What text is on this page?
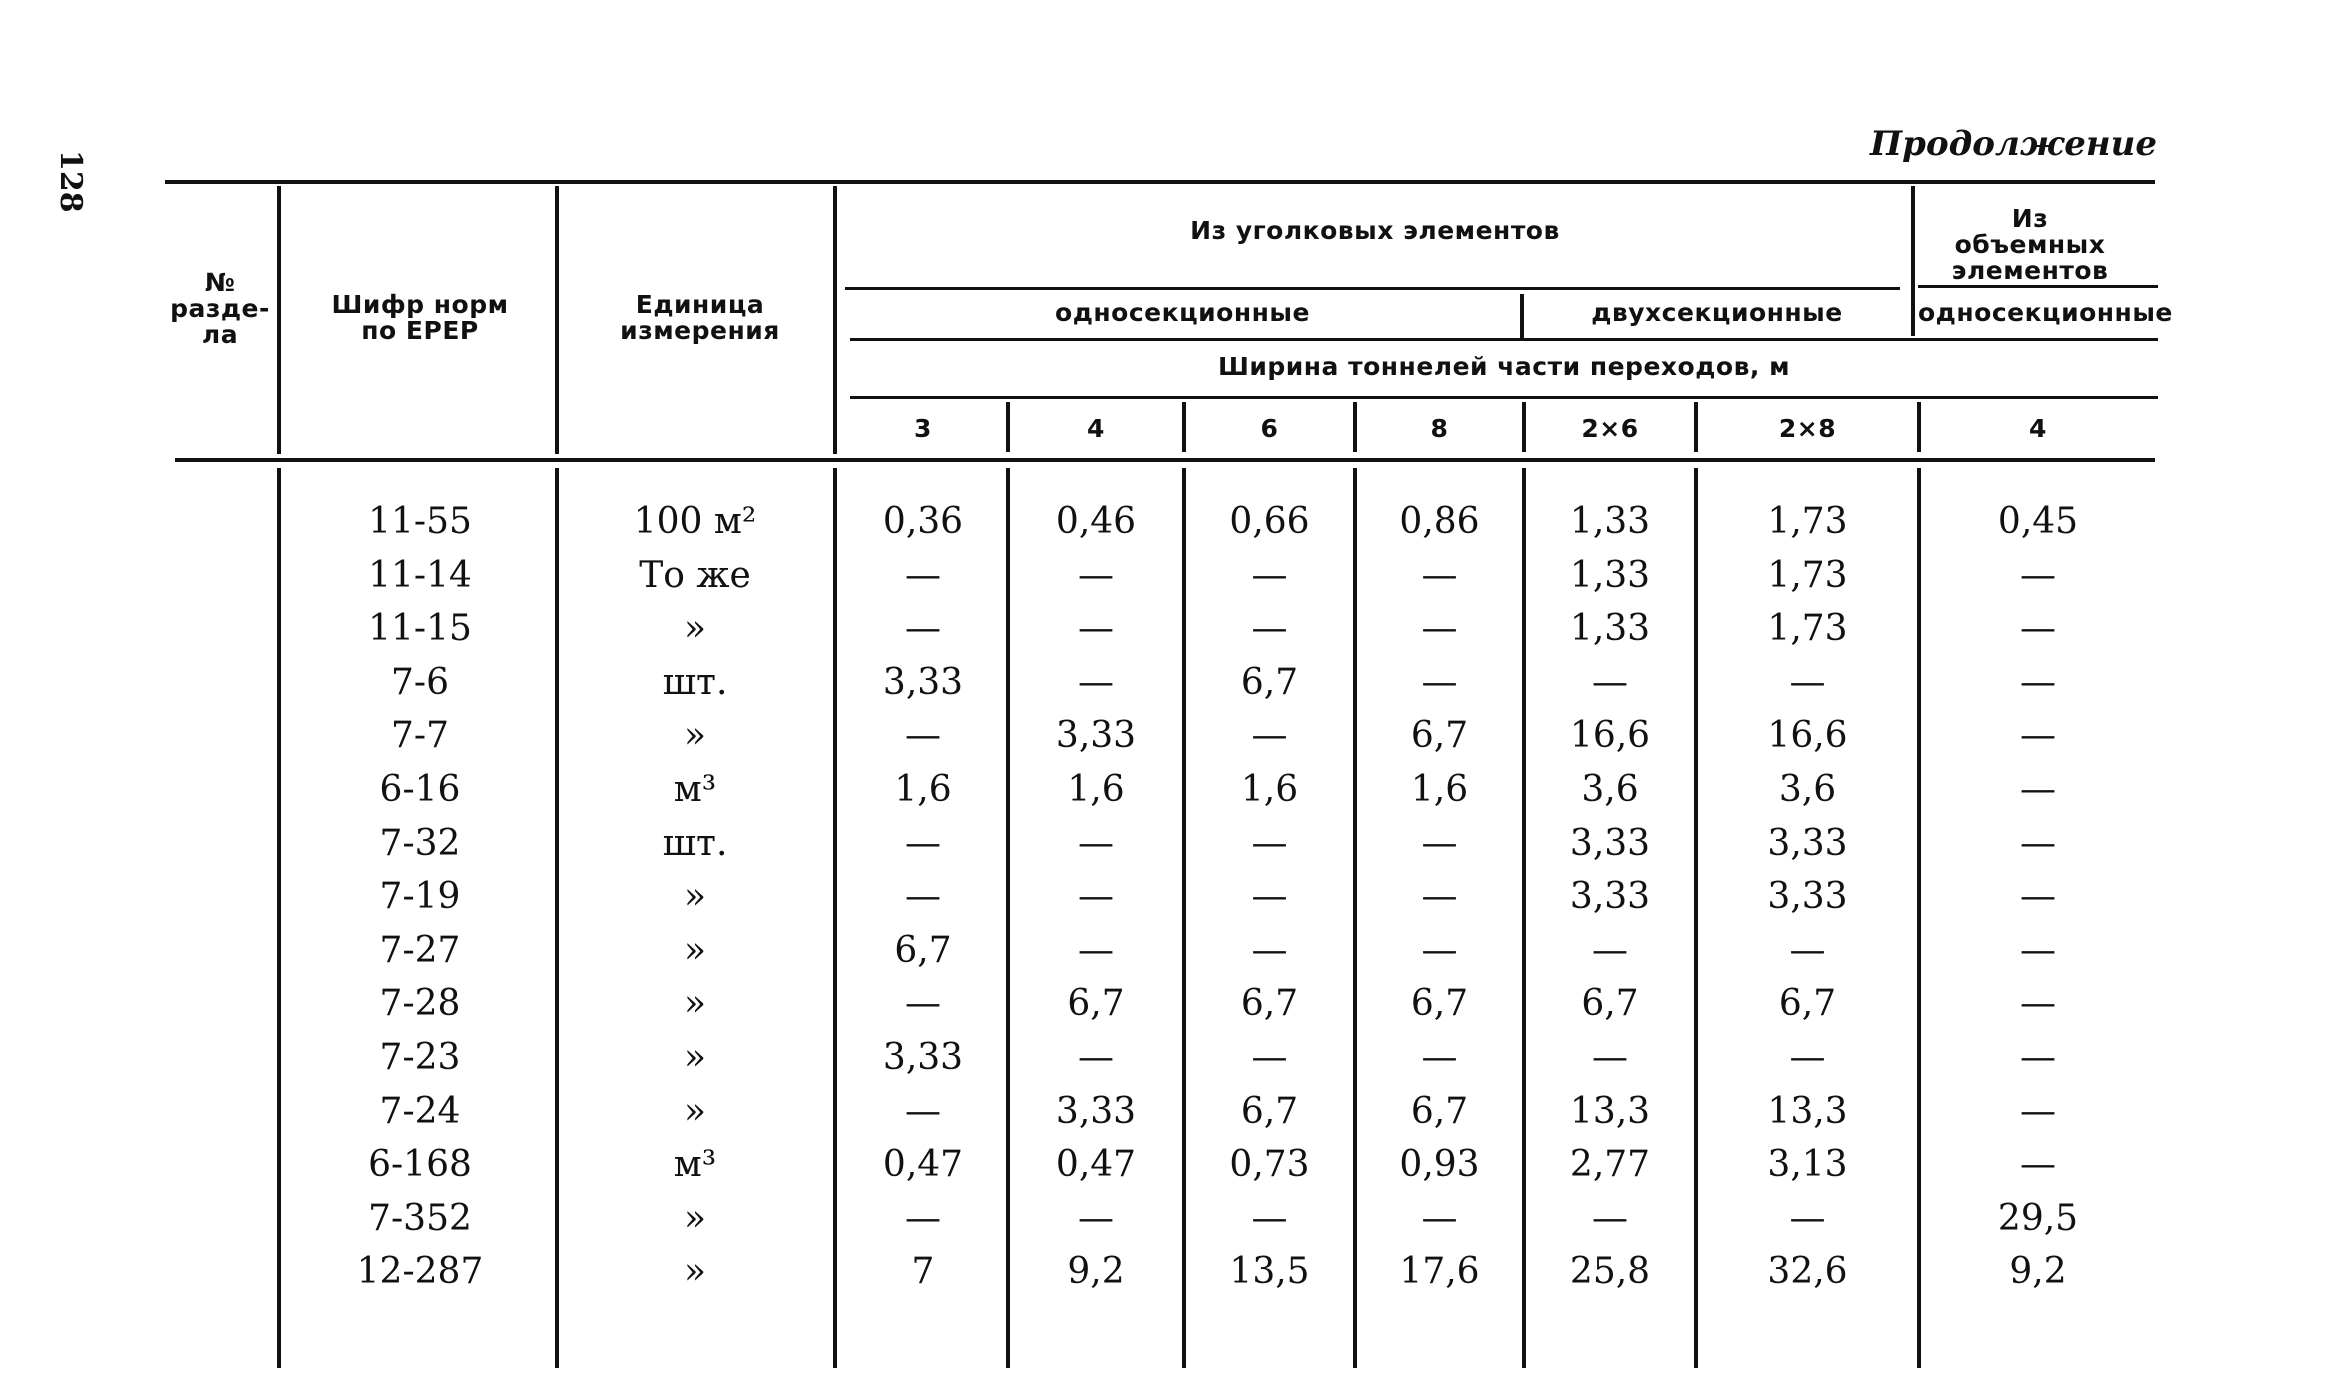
128
Продолжение
№ разде-ла
Шифр норм по ЕРЕР
Единица измерения
Из уголковых элементов	Из объемных элементов
односекционные	двухсекционные	односекционные
Ширина тоннелей части переходов, м
3	4	6	8	2×6	2×8	4
11-55	100 м²	0,36	0,46	0,66	0,86	1,33	1,73	0,45
11-14	То же	—	—	—	—	1,33	1,73	—
11-15	»	—	—	—	—	1,33	1,73	—
7-6	шт.	3,33	—	6,7	—	—	—	—
7-7	»	—	3,33	—	6,7	16,6	16,6	—
6-16	м³	1,6	1,6	1,6	1,6	3,6	3,6	—
7-32	шт.	—	—	—	—	3,33	3,33	—
7-19	»	—	—	—	—	3,33	3,33	—
7-27	»	6,7	—	—	—	—	—	—
7-28	»	—	6,7	6,7	6,7	6,7	6,7	—
7-23	»	3,33	—	—	—	—	—	—
7-24	»	—	3,33	6,7	6,7	13,3	13,3	—
6-168	м³	0,47	0,47	0,73	0,93	2,77	3,13	—
7-352	»	—	—	—	—	—	—	29,5
12-287	»	7	9,2	13,5	17,6	25,8	32,6	9,2
